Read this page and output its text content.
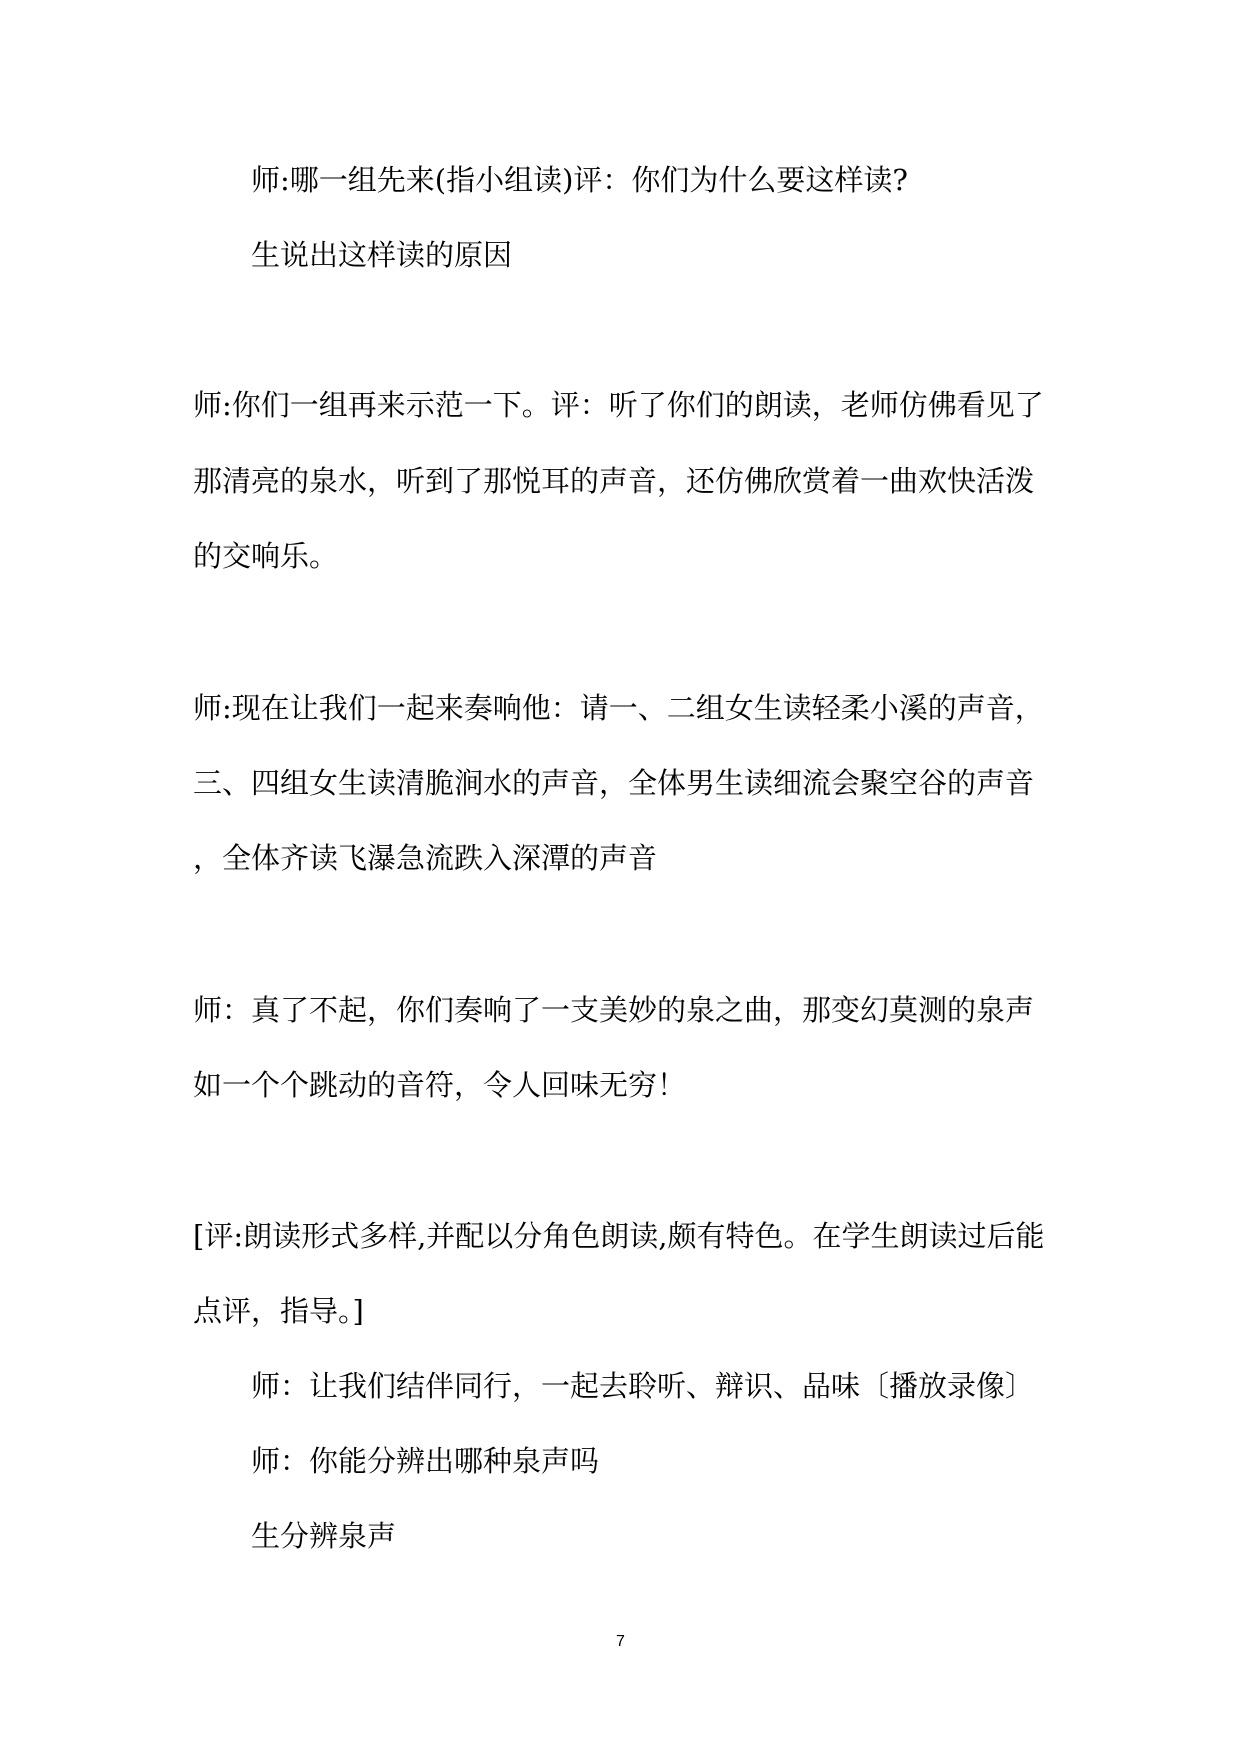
师:哪一组先来(指小组读)评：你们为什么要这样读?

生说出这样读的原因

师:你们一组再来示范一下。评：听了你们的朗读，老师仿佛看见了

那清亮的泉水，听到了那悦耳的声音，还仿佛欣赏着一曲欢快活泼

的交响乐。

师:现在让我们一起来奏响他：请一、二组女生读轻柔小溪的声音，

三、四组女生读清脆涧水的声音，全体男生读细流会聚空谷的声音

，全体齐读飞瀑急流跌入深潭的声音

师：真了不起，你们奏响了一支美妙的泉之曲，那变幻莫测的泉声

如一个个跳动的音符，令人回味无穷！

[评:朗读形式多样,并配以分角色朗读,颇有特色。在学生朗读过后能

点评，指导。]

师：让我们结伴同行，一起去聆听、辩识、品味〔播放录像〕

师：你能分辨出哪种泉声吗

生分辨泉声

7
